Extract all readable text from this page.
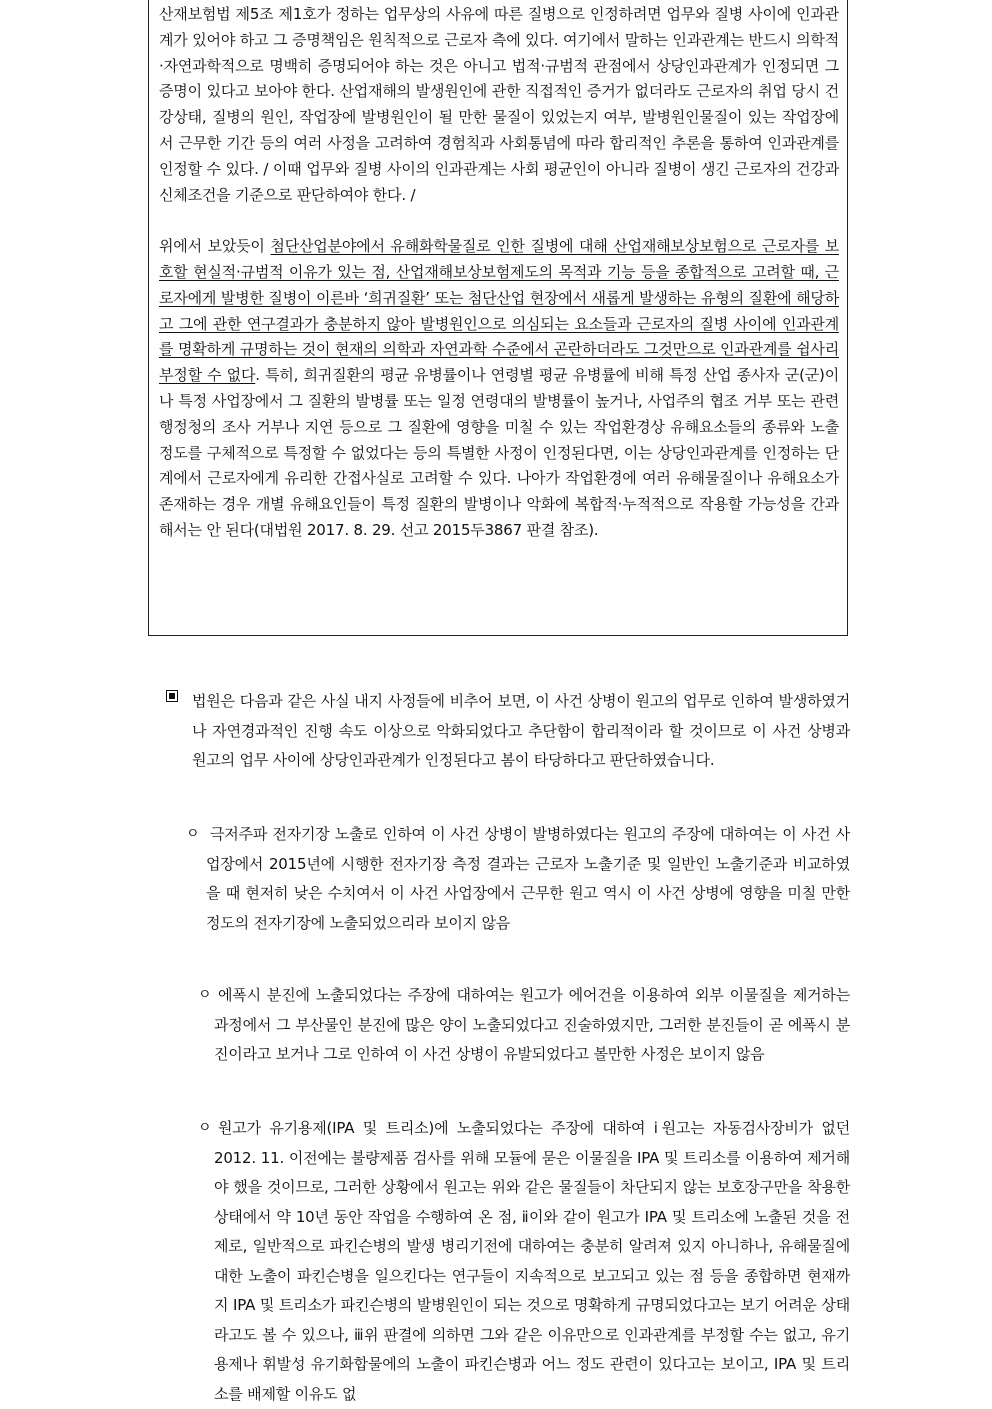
산재보험법 제5조 제1호가 정하는 업무상의 사유에 따른 질병으로 인정하려면 업무와 질병 사이에 인과관계가 있어야 하고 그 증명책임은 원칙적으로 근로자 측에 있다. 여기에서 말하는 인과관계는 반드시 의학적·자연과학적으로 명백히 증명되어야 하는 것은 아니고 법적·규범적 관점에서 상당인과관계가 인정되면 그 증명이 있다고 보아야 한다. 산업재해의 발생원인에 관한 직접적인 증거가 없더라도 근로자의 취업 당시 건강상태, 질병의 원인, 작업장에 발병원인이 될 만한 물질이 있었는지 여부, 발병원인물질이 있는 작업장에서 근무한 기간 등의 여러 사정을 고려하여 경험칙과 사회통념에 따라 합리적인 추론을 통하여 인과관계를 인정할 수 있다. / 이때 업무와 질병 사이의 인과관계는 사회 평균인이 아니라 질병이 생긴 근로자의 건강과 신체조건을 기준으로 판단하여야 한다. /

위에서 보았듯이 첨단산업분야에서 유해화학물질로 인한 질병에 대해 산업재해보상보험으로 근로자를 보호할 현실적·규범적 이유가 있는 점, 산업재해보상보험제도의 목적과 기능 등을 종합적으로 고려할 때, 근로자에게 발병한 질병이 이른바 ‘희귀질환’ 또는 첨단산업 현장에서 새롭게 발생하는 유형의 질환에 해당하고 그에 관한 연구결과가 충분하지 않아 발병원인으로 의심되는 요소들과 근로자의 질병 사이에 인과관계를 명확하게 규명하는 것이 현재의 의학과 자연과학 수준에서 곤란하더라도 그것만으로 인과관계를 쉽사리 부정할 수 없다. 특히, 희귀질환의 평균 유병률이나 연령별 평균 유병률에 비해 특정 산업 종사자 군(군)이나 특정 사업장에서 그 질환의 발병률 또는 일정 연령대의 발병률이 높거나, 사업주의 협조 거부 또는 관련 행정청의 조사 거부나 지연 등으로 그 질환에 영향을 미칠 수 있는 작업환경상 유해요소들의 종류와 노출 정도를 구체적으로 특정할 수 없었다는 등의 특별한 사정이 인정된다면, 이는 상당인과관계를 인정하는 단계에서 근로자에게 유리한 간접사실로 고려할 수 있다. 나아가 작업환경에 여러 유해물질이나 유해요소가 존재하는 경우 개별 유해요인들이 특정 질환의 발병이나 악화에 복합적·누적적으로 작용할 가능성을 간과해서는 안 된다(대법원 2017. 8. 29. 선고 2015두3867 판결 참조).

법원은 다음과 같은 사실 내지 사정들에 비추어 보면, 이 사건 상병이 원고의 업무로 인하여 발생하였거나 자연경과적인 진행 속도 이상으로 악화되었다고 추단함이 합리적이라 할 것이므로 이 사건 상병과 원고의 업무 사이에 상당인과관계가 인정된다고 봄이 타당하다고 판단하였습니다.

ㅇ 극저주파 전자기장 노출로 인하여 이 사건 상병이 발병하였다는 원고의 주장에 대하여는 이 사건 사업장에서 2015년에 시행한 전자기장 측정 결과는 근로자 노출기준 및 일반인 노출기준과 비교하였을 때 현저히 낮은 수치여서 이 사건 사업장에서 근무한 원고 역시 이 사건 상병에 영향을 미칠 만한 정도의 전자기장에 노출되었으리라 보이지 않음

ㅇ 에폭시 분진에 노출되었다는 주장에 대하여는 원고가 에어건을 이용하여 외부 이물질을 제거하는 과정에서 그 부산물인 분진에 많은 양이 노출되었다고 진술하였지만, 그러한 분진들이 곧 에폭시 분진이라고 보거나 그로 인하여 이 사건 상병이 유발되었다고 볼만한 사정은 보이지 않음

ㅇ 원고가 유기용제(IPA 및 트리소)에 노출되었다는 주장에 대하여 ⅰ원고는 자동검사장비가 없던 2012. 11. 이전에는 불량제품 검사를 위해 모듈에 묻은 이물질을 IPA 및 트리소를 이용하여 제거해야 했을 것이므로, 그러한 상황에서 원고는 위와 같은 물질들이 차단되지 않는 보호장구만을 착용한 상태에서 약 10년 동안 작업을 수행하여 온 점, ⅱ이와 같이 원고가 IPA 및 트리소에 노출된 것을 전제로, 일반적으로 파킨슨병의 발생 병리기전에 대하여는 충분히 알려져 있지 아니하나, 유해물질에 대한 노출이 파킨슨병을 일으킨다는 연구들이 지속적으로 보고되고 있는 점 등을 종합하면 현재까지 IPA 및 트리소가 파킨슨병의 발병원인이 되는 것으로 명확하게 규명되었다고는 보기 어려운 상태라고도 볼 수 있으나, ⅲ위 판결에 의하면 그와 같은 이유만으로 인과관계를 부정할 수는 없고, 유기용제나 휘발성 유기화합물에의 노출이 파킨슨병과 어느 정도 관련이 있다고는 보이고, IPA 및 트리소를 배제할 이유도 없
